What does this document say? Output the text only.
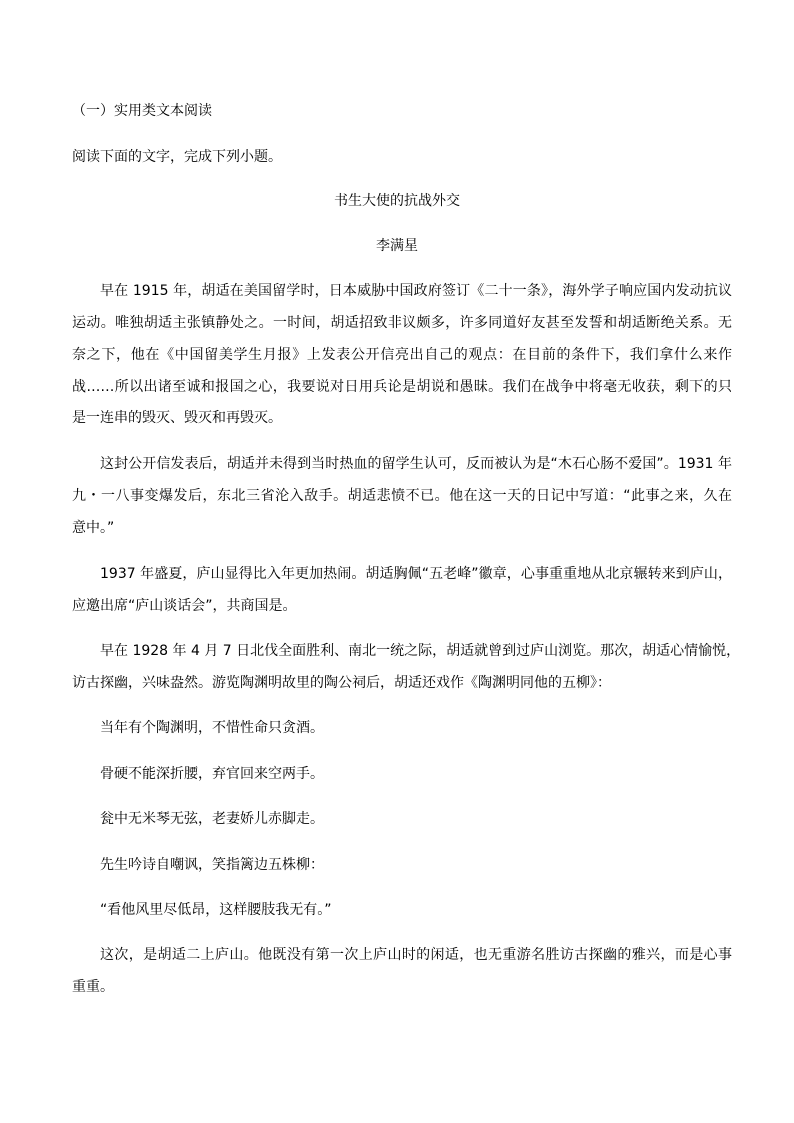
（一）实用类文本阅读

阅读下面的文字，完成下列小题。

书生大使的抗战外交

李满星

早在 1915 年，胡适在美国留学时，日本威胁中国政府签订《二十一条》，海外学子响应国内发动抗议

运动。唯独胡适主张镇静处之。一时间，胡适招致非议颇多，许多同道好友甚至发誓和胡适断绝关系。无

奈之下，他在《中国留美学生月报》上发表公开信亮出自己的观点：在目前的条件下，我们拿什么来作

战……所以出诸至诚和报国之心，我要说对日用兵论是胡说和愚昧。我们在战争中将毫无收获，剩下的只

是一连串的毁灭、毁灭和再毁灭。

这封公开信发表后，胡适并未得到当时热血的留学生认可，反而被认为是“木石心肠不爱国”。1931 年

九・一八事变爆发后，东北三省沦入敌手。胡适悲愤不已。他在这一天的日记中写道：“此事之来，久在

意中。”

1937 年盛夏，庐山显得比入年更加热闹。胡适胸佩“五老峰”徽章，心事重重地从北京辗转来到庐山，

应邀出席“庐山谈话会”，共商国是。

早在 1928 年 4 月 7 日北伐全面胜利、南北一统之际，胡适就曾到过庐山浏览。那次，胡适心情愉悦，

访古探幽，兴味盎然。游览陶渊明故里的陶公祠后，胡适还戏作《陶渊明同他的五柳》：

当年有个陶渊明，不惜性命只贪酒。

骨硬不能深折腰，弃官回来空两手。

瓮中无米琴无弦，老妻娇儿赤脚走。

先生吟诗自嘲讽，笑指篱边五株柳：

“看他风里尽低昂，这样腰肢我无有。”

这次，是胡适二上庐山。他既没有第一次上庐山时的闲适，也无重游名胜访古探幽的雅兴，而是心事

重重。
